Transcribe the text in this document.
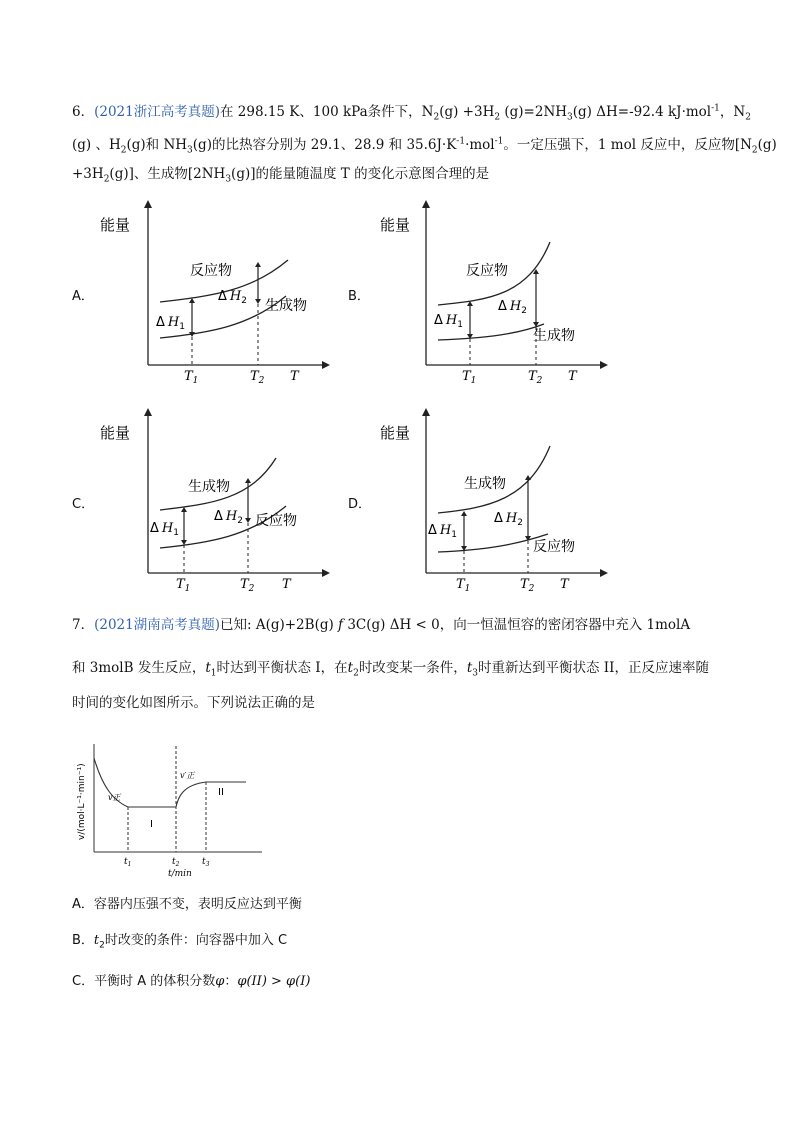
6．(2021浙江高考真题)在 298.15 K、100 kPa条件下，$N_2(g) +3H_2$ $(g)=2NH_3(g)$ ΔH=-92.4 kJ·mol$^{-1}$，$N_2$
(g) 、$H_2(g)$和 $NH_3(g)$的比热容分别为 29.1、28.9 和 $35.6J\cdot K^{-1}\cdot mol^{-1}$。一定压强下，1 mol 反应中，反应物[$N_2(g)$
$+3H_2(g)$]、生成物$[2NH_3(g)]$的能量随温度 T 的变化示意图合理的是
A．	B．
C．	D．
能量
反应物
生成物
Δ $H_1$
Δ $H_2$
$T_1$	$T_2$ T
能量
反应物
生成物
Δ $H_1$
Δ $H_2$
$T_1$	$T_2$ T
能量
生成物
反应物
Δ $H_1$
Δ $H_2$
$T_1$	$T_2$ T
能量
生成物
反应物
Δ $H_1$
Δ $H_2$
$T_1$	$T_2$ T
7．(2021湖南高考真题)已知: A(g)+2B(g) f 3C(g) ΔH < 0，向一恒温恒容的密闭容器中充入 1molA
和 3molB 发生反应，$t_1$时达到平衡状态 I，在$t_2$时改变某一条件，$t_3$时重新达到平衡状态 II，正反应速率随
时间的变化如图所示。下列说法正确的是
v/(mol·L⁻¹·min⁻¹)	v正
v′正
I
II
$t_1$	$t_2$	$t_3$
t/min
A．容器内压强不变，表明反应达到平衡
B．$t_2$时改变的条件：向容器中加入 C
C．平衡时 A 的体积分数φ：φ(II) > φ(I)
